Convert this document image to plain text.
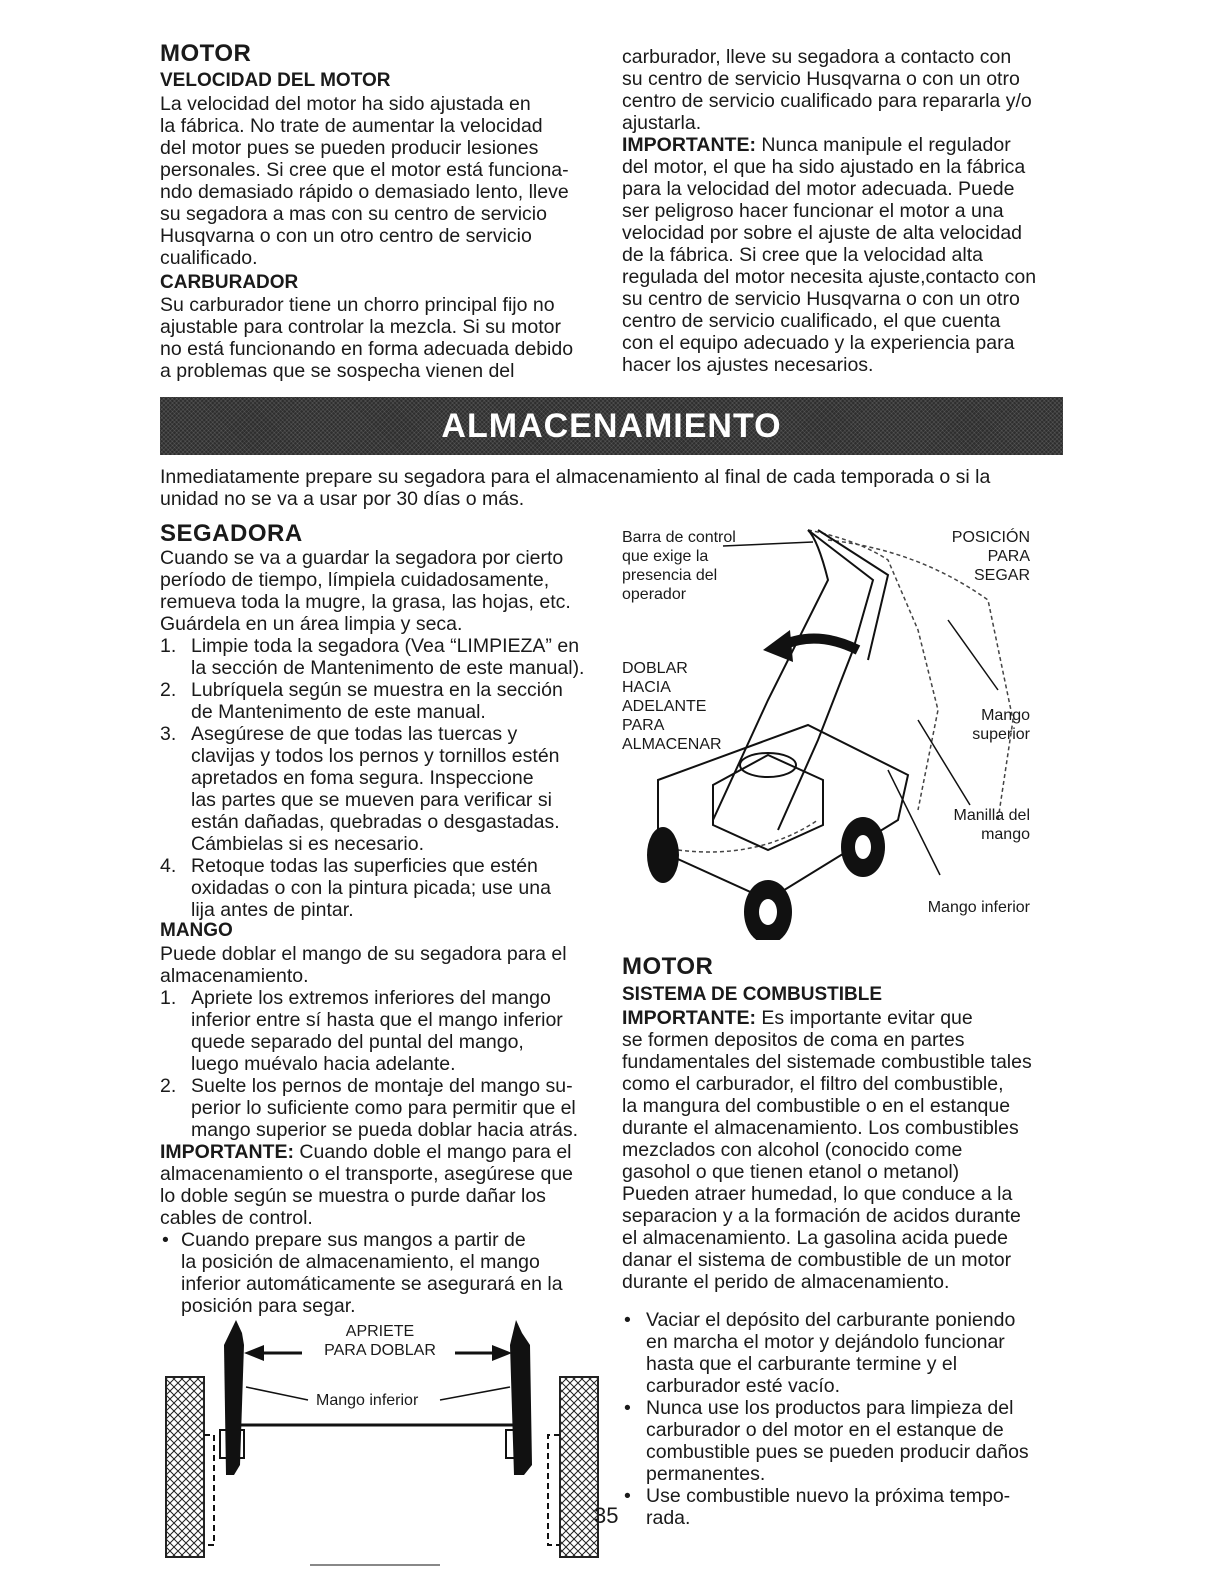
MOTOR
VELOCIDAD DEL MOTOR
La velocidad del motor ha sido ajustada en
la fábrica. No trate de aumentar la velocidad
del motor pues se pueden producir lesiones
personales. Si cree que el motor está funciona-
ndo demasiado rápido o demasiado lento, lleve
su segadora a mas con su centro de servicio
Husqvarna o con un otro centro de servicio
cualificado.
CARBURADOR
Su carburador tiene un chorro principal fijo no
ajustable para controlar la mezcla. Si su motor
no está funcionando en forma adecuada debido
a problemas que se sospecha vienen del
carburador, lleve su segadora a contacto con
su centro de servicio Husqvarna o con un otro
centro de servicio cualificado para repararla y/o
ajustarla.
IMPORTANTE: Nunca manipule el regulador
del motor, el que ha sido ajustado en la fábrica
para la velocidad del motor adecuada. Puede
ser peligroso hacer funcionar el motor a una
velocidad por sobre el ajuste de alta velocidad
de la fábrica. Si cree que la velocidad alta
regulada del motor necesita ajuste,contacto con
su centro de servicio Husqvarna o con un otro
centro de servicio cualificado, el que cuenta
con el equipo adecuado y la experiencia para
hacer los ajustes necesarios.
ALMACENAMIENTO
Inmediatamente prepare su segadora para el almacenamiento al final de cada temporada o si la
unidad no se va a usar por 30 días o más.
SEGADORA
Cuando se va a guardar la segadora por cierto
período de tiempo, límpiela cuidadosamente,
remueva toda la mugre, la grasa, las hojas, etc.
Guárdela en un área limpia y seca.
1. Limpie toda la segadora (Vea “LIMPIEZA” en
la sección de Mantenimento de este manual).
2. Lubríquela según se muestra en la sección
de Mantenimento de este manual.
3. Asegúrese de que todas las tuercas y
clavijas y todos los pernos y tornillos estén
apretados en foma segura. Inspeccione
las partes que se mueven para verificar si
están dañadas, quebradas o desgastadas.
Cámbielas si es necesario.
4. Retoque todas las superficies que estén
oxidadas o con la pintura picada; use una
lija antes de pintar.
MANGO
Puede doblar el mango de su segadora para el
almacenamiento.
1. Apriete los extremos inferiores del mango
inferior entre sí hasta que el mango inferior
quede separado del puntal del mango,
luego muévalo hacia adelante.
2. Suelte los pernos de montaje del mango su-
perior lo suficiente como para permitir que el
mango superior se pueda doblar hacia atrás.
IMPORTANTE: Cuando doble el mango para el
almacenamiento o el transporte, asegúrese que
lo doble según se muestra o purde dañar los
cables de control.
• Cuando prepare sus mangos a partir de
la posición de almacenamiento, el mango
inferior automáticamente se asegurará en la
posición para segar.
APRIETE
PARA DOBLAR
Mango inferior
Barra de control
que exige la
presencia del
operador
POSICIÓN
PARA
SEGAR
DOBLAR
HACIA
ADELANTE
PARA
ALMACENAR
Mango
superior
Manilla del
mango
Mango inferior
MOTOR
SISTEMA DE COMBUSTIBLE
IMPORTANTE: Es importante evitar que
se formen depositos de coma en partes
fundamentales del sistemade combustible tales
como el carburador, el filtro del combustible,
la mangura del combustible o en el estanque
durante el almacenamiento. Los combustibles
mezclados con alcohol (conocido come
gasohol o que tienen etanol o metanol)
Pueden atraer humedad, lo que conduce a la
separacion y a la formación de acidos durante
el almacenamiento. La gasolina acida puede
danar el sistema de combustible de un motor
durante el perido de almacenamiento.
• Vaciar el depósito del carburante poniendo
en marcha el motor y dejándolo funcionar
hasta que el carburante termine y el
carburador esté vacío.
• Nunca use los productos para limpieza del
carburador o del motor en el estanque de
combustible pues se pueden producir daños
permanentes.
• Use combustible nuevo la próxima tempo-
rada.
35
